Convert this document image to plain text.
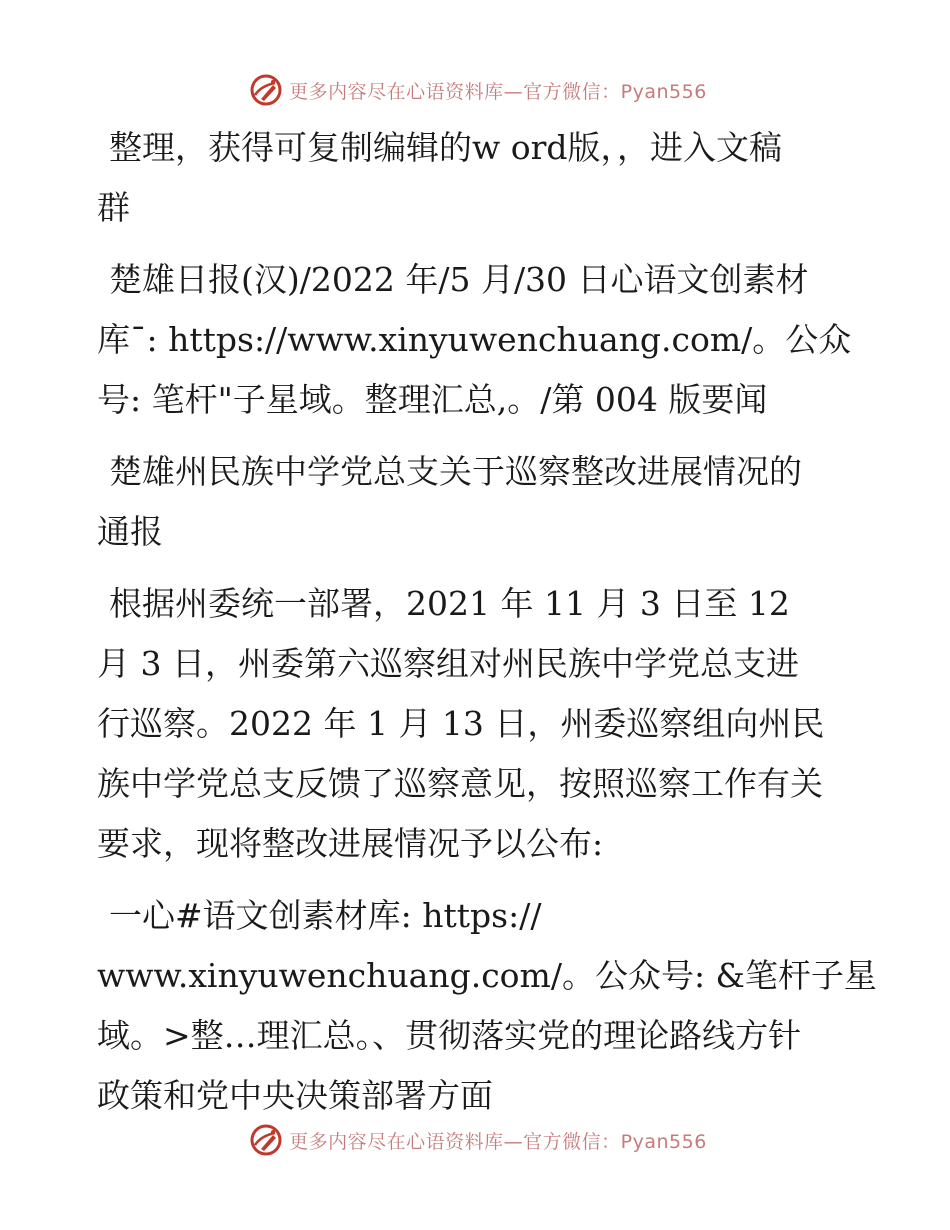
更多内容尽在心语资料库—官方微信：Pyan556

整理，获得可复制编辑的w ord版，，进入文稿
群

楚雄日报(汉)/2022 年/5 月/30 日心语文创素材
库¯: https://www.xinyuwenchuang.com/。公众
号: 笔杆"子星域。整理汇总,。/第 004 版要闻

楚雄州民族中学党总支关于巡察整改进展情况的
通报

根据州委统一部署，2021 年 11 月 3 日至 12
月 3 日，州委第六巡察组对州民族中学党总支进
行巡察。2022 年 1 月 13 日，州委巡察组向州民
族中学党总支反馈了巡察意见，按照巡察工作有关
要求，现将整改进展情况予以公布:

一心#语文创素材库: https://
www.xinyuwenchuang.com/。公众号: &笔杆子星
域。>整…理汇总。、贯彻落实党的理论路线方针
政策和党中央决策部署方面

更多内容尽在心语资料库—官方微信：Pyan556
